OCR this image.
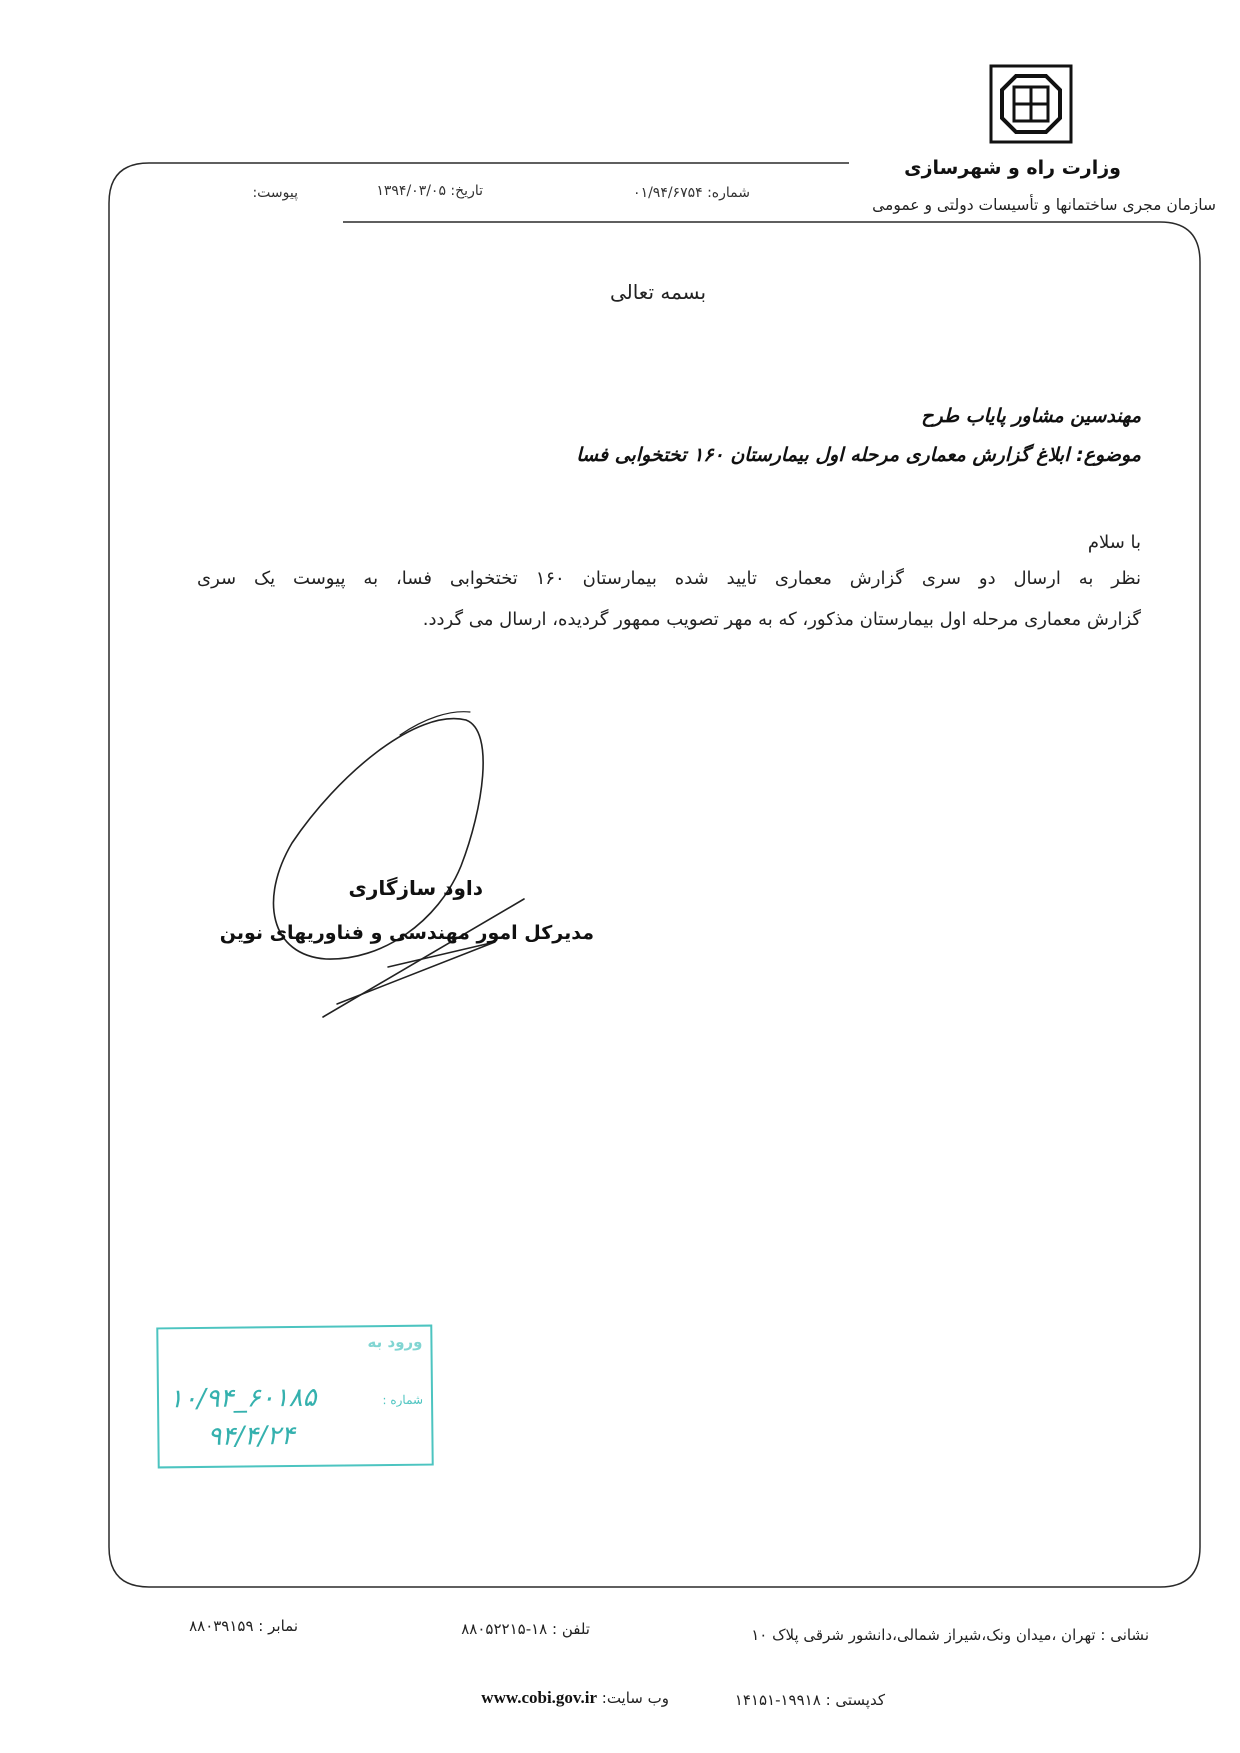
وزارت راه و شهرسازی
سازمان مجری ساختمانها و تأسیسات دولتی و عمومی
شماره: ۰۱/۹۴/۶۷۵۴
تاریخ: ۱۳۹۴/۰۳/۰۵
پیوست:
بسمه تعالی
مهندسین مشاور پایاب طرح
موضوع: ابلاغ گزارش معماری مرحله اول بیمارستان ۱۶۰ تختخوابی فسا
با سلام
نظر به ارسال دو سری گزارش معماری تایید شده بیمارستان ۱۶۰ تختخوابی فسا، به پیوست یک سری
گزارش معماری مرحله اول بیمارستان مذکور، که به مهر تصویب ممهور گردیده، ارسال می گردد.
داود سازگاری
مدیرکل امور مهندسی و فناوریهای نوین
ورود به
شماره :
۱۰/۹۴_۶۰۱۸۵
۹۴/۴/۲۴
نشانی : تهران ،میدان ونک،شیراز شمالی،دانشور شرقی پلاک ۱۰
تلفن : ۱۸-۸۸۰۵۲۲۱۵
نمابر : ۸۸۰۳۹۱۵۹
کدپستی : ۱۹۹۱۸-۱۴۱۵۱
وب سایت: www.cobi.gov.ir
